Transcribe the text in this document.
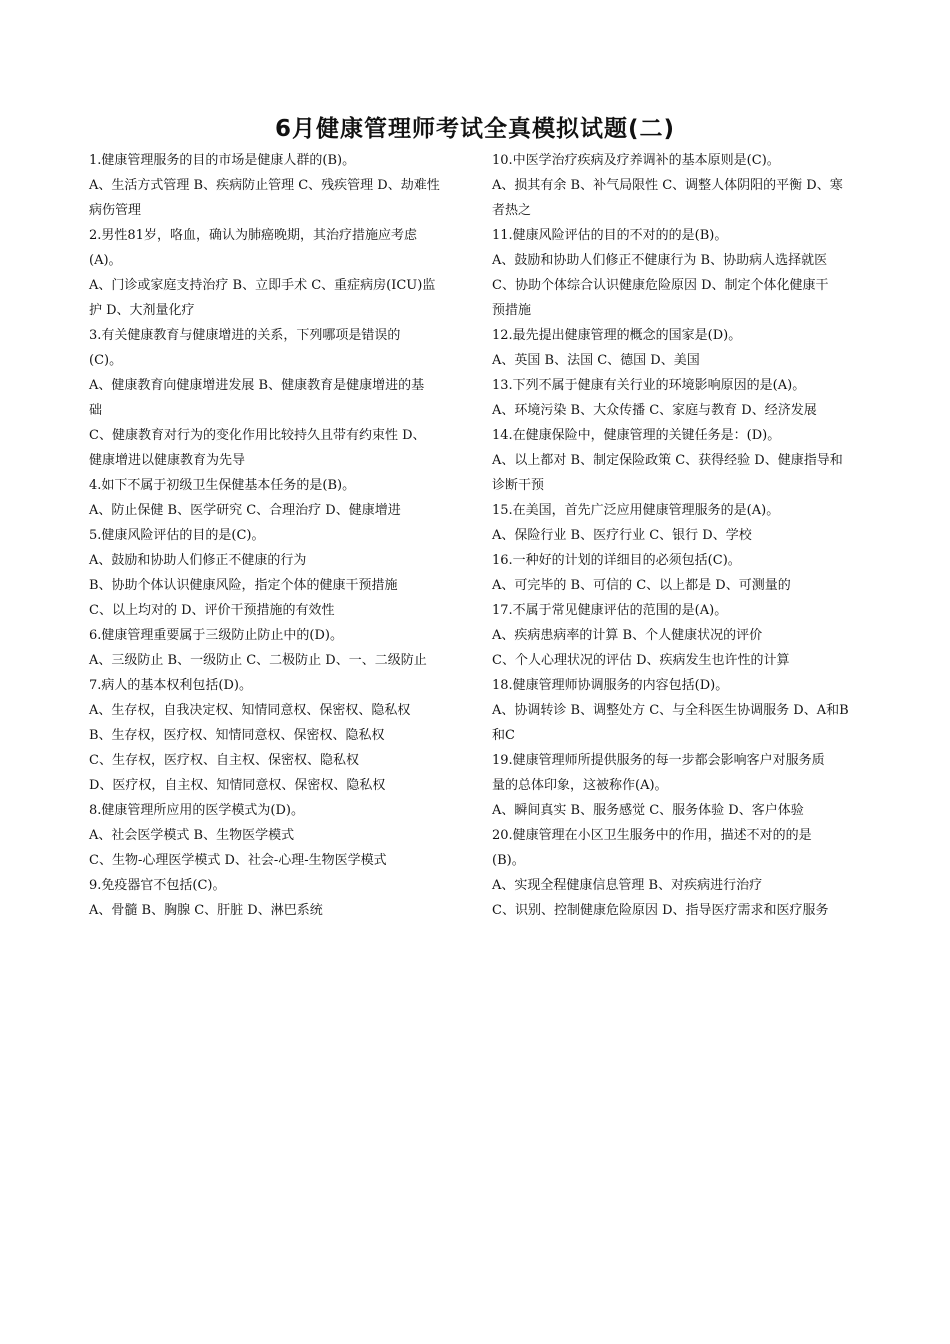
6月健康管理师考试全真模拟试题(二)
1.健康管理服务的目的市场是健康人群的(B)。
A、生活方式管理 B、疾病防止管理 C、残疾管理 D、劫难性
病伤管理
2.男性81岁，咯血，确认为肺癌晚期，其治疗措施应考虑
(A)。
A、门诊或家庭支持治疗 B、立即手术 C、重症病房(ICU)监
护 D、大剂量化疗
3.有关健康教育与健康增进的关系，下列哪项是错误的
(C)。
A、健康教育向健康增进发展 B、健康教育是健康增进的基
础
C、健康教育对行为的变化作用比较持久且带有约束性 D、
健康增进以健康教育为先导
4.如下不属于初级卫生保健基本任务的是(B)。
A、防止保健 B、医学研究 C、合理治疗 D、健康增进
5.健康风险评估的目的是(C)。
A、鼓励和协助人们修正不健康的行为
B、协助个体认识健康风险，指定个体的健康干预措施
C、以上均对的 D、评价干预措施的有效性
6.健康管理重要属于三级防止防止中的(D)。
A、三级防止 B、一级防止 C、二极防止 D、一、二级防止
7.病人的基本权利包括(D)。
A、生存权，自我决定权、知情同意权、保密权、隐私权
B、生存权，医疗权、知情同意权、保密权、隐私权
C、生存权，医疗权、自主权、保密权、隐私权
D、医疗权，自主权、知情同意权、保密权、隐私权
8.健康管理所应用的医学模式为(D)。
A、社会医学模式 B、生物医学模式
C、生物-心理医学模式 D、社会-心理-生物医学模式
9.免疫器官不包括(C)。
A、骨髓 B、胸腺 C、肝脏 D、淋巴系统
10.中医学治疗疾病及疗养调补的基本原则是(C)。
A、损其有余 B、补气局限性 C、调整人体阴阳的平衡 D、寒
者热之
11.健康风险评估的目的不对的的是(B)。
A、鼓励和协助人们修正不健康行为 B、协助病人选择就医
C、协助个体综合认识健康危险原因 D、制定个体化健康干
预措施
12.最先提出健康管理的概念的国家是(D)。
A、英国 B、法国 C、德国 D、美国
13.下列不属于健康有关行业的环境影响原因的是(A)。
A、环境污染 B、大众传播 C、家庭与教育 D、经济发展
14.在健康保险中，健康管理的关键任务是：(D)。
A、以上都对 B、制定保险政策 C、获得经验 D、健康指导和
诊断干预
15.在美国，首先广泛应用健康管理服务的是(A)。
A、保险行业 B、医疗行业 C、银行 D、学校
16.一种好的计划的详细目的必须包括(C)。
A、可完毕的 B、可信的 C、以上都是 D、可测量的
17.不属于常见健康评估的范围的是(A)。
A、疾病患病率的计算 B、个人健康状况的评价
C、个人心理状况的评估 D、疾病发生也许性的计算
18.健康管理师协调服务的内容包括(D)。
A、协调转诊 B、调整处方 C、与全科医生协调服务 D、A和B
和C
19.健康管理师所提供服务的每一步都会影响客户对服务质
量的总体印象，这被称作(A)。
A、瞬间真实 B、服务感觉 C、服务体验 D、客户体验
20.健康管理在小区卫生服务中的作用，描述不对的的是
(B)。
A、实现全程健康信息管理 B、对疾病进行治疗
C、识别、控制健康危险原因 D、指导医疗需求和医疗服务
